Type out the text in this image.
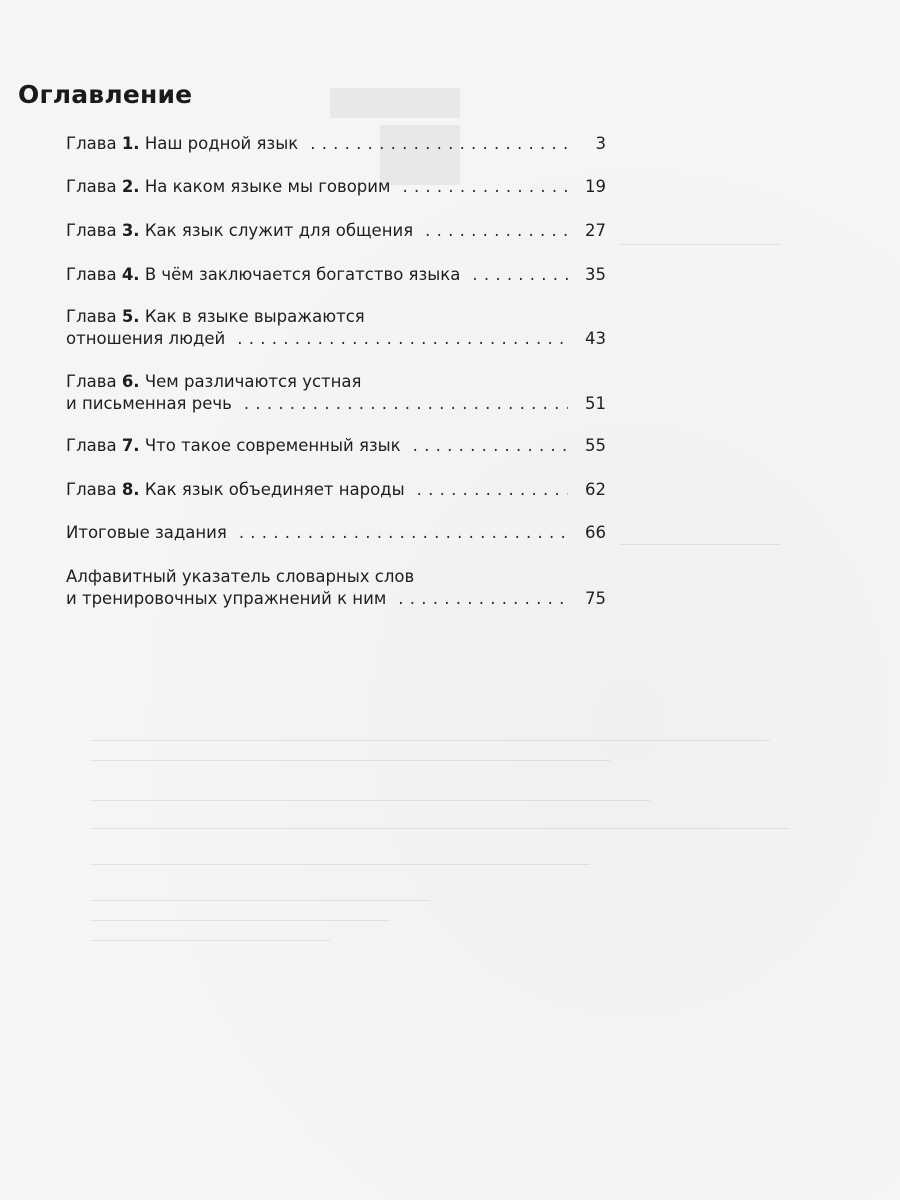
Оглавление
Глава 1. Наш родной язык . . .	3
Глава 2. На каком языке мы говорим . . .	19
Глава 3. Как язык служит для общения . . .	27
Глава 4. В чём заключается богатство языка . . .	35
Глава 5. Как в языке выражаются
отношения людей . . .	43
Глава 6. Чем различаются устная
и письменная речь . . .	51
Глава 7. Что такое современный язык . . .	55
Глава 8. Как язык объединяет народы . . .	62
Итоговые задания . . .	66
Алфавитный указатель словарных слов
и тренировочных упражнений к ним . . .	75
